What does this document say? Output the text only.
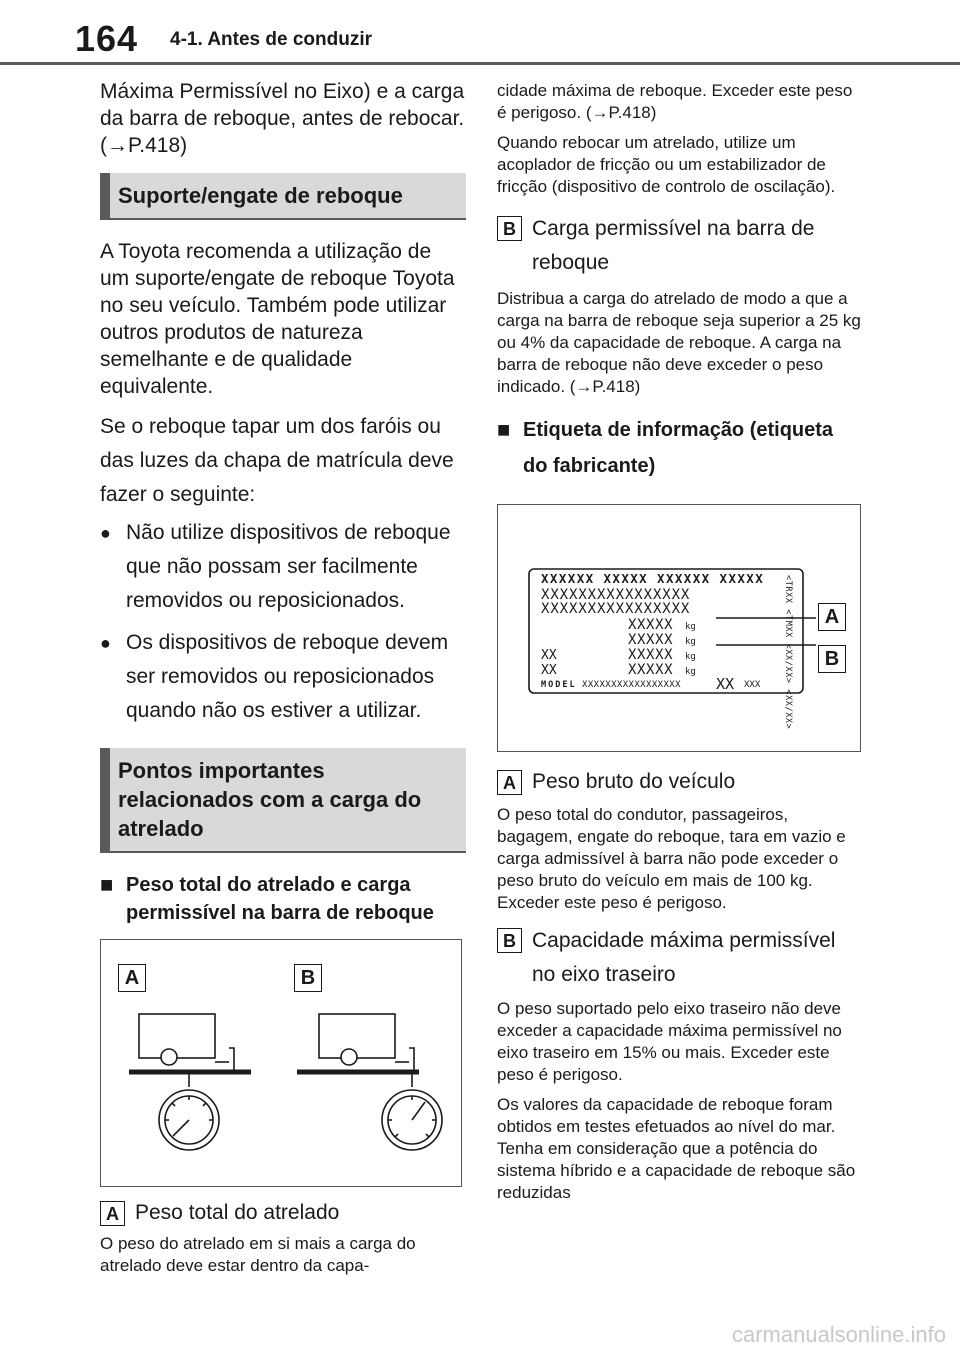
164 4-1. Antes de conduzir

Máxima Permissível no Eixo) e a carga da barra de reboque, antes de rebocar. (→P.418)

Suporte/engate de reboque

A Toyota recomenda a utilização de um suporte/engate de reboque Toyota no seu veículo. Também pode utilizar outros produtos de natureza semelhante e de qualidade equivalente.

Se o reboque tapar um dos faróis ou das luzes da chapa de matrícula deve fazer o seguinte:

● Não utilize dispositivos de reboque que não possam ser facilmente removidos ou reposicionados.
● Os dispositivos de reboque devem ser removidos ou reposicionados quando não os estiver a utilizar.
Pontos importantes relacionados com a carga do atrelado
■ Peso total do atrelado e carga permissível na barra de reboque
A	B
A Peso total do atrelado

O peso do atrelado em si mais a carga do atrelado deve estar dentro da capa-

cidade máxima de reboque. Exceder este peso é perigoso. (→P.418)

Quando rebocar um atrelado, utilize um acoplador de fricção ou um estabilizador de fricção (dispositivo de controlo de oscilação).

B Carga permissível na barra de reboque

Distribua a carga do atrelado de modo a que a carga na barra de reboque seja superior a 25 kg ou 4% da capacidade de reboque. A carga na barra de reboque não deve exceder o peso indicado. (→P.418)

■ Etiqueta de informação (etiqueta do fabricante)
XXXXXX XXXXX XXXXXX XXXXX
XXXXXXXXXXXXXXXX
XXXXXXXXXXXXXXXX
XXXXX
XXXXX
XXXXX
XXXXX
kg
kg
kg
kg
XX
XX
MODEL XXXXXXXXXXXXXXXXX XX XXX	<TRXX <TMXX <XX/XX> <XX/XX>	A
B
A Peso bruto do veículo

O peso total do condutor, passageiros, bagagem, engate do reboque, tara em vazio e carga admissível à barra não pode exceder o peso bruto do veículo em mais de 100 kg. Exceder este peso é perigoso.

B Capacidade máxima permissível no eixo traseiro

O peso suportado pelo eixo traseiro não deve exceder a capacidade máxima permissível no eixo traseiro em 15% ou mais. Exceder este peso é perigoso.

Os valores da capacidade de reboque foram obtidos em testes efetuados ao nível do mar. Tenha em consideração que a potência do sistema híbrido e a capacidade de reboque são reduzidas

carmanualsonline.info
